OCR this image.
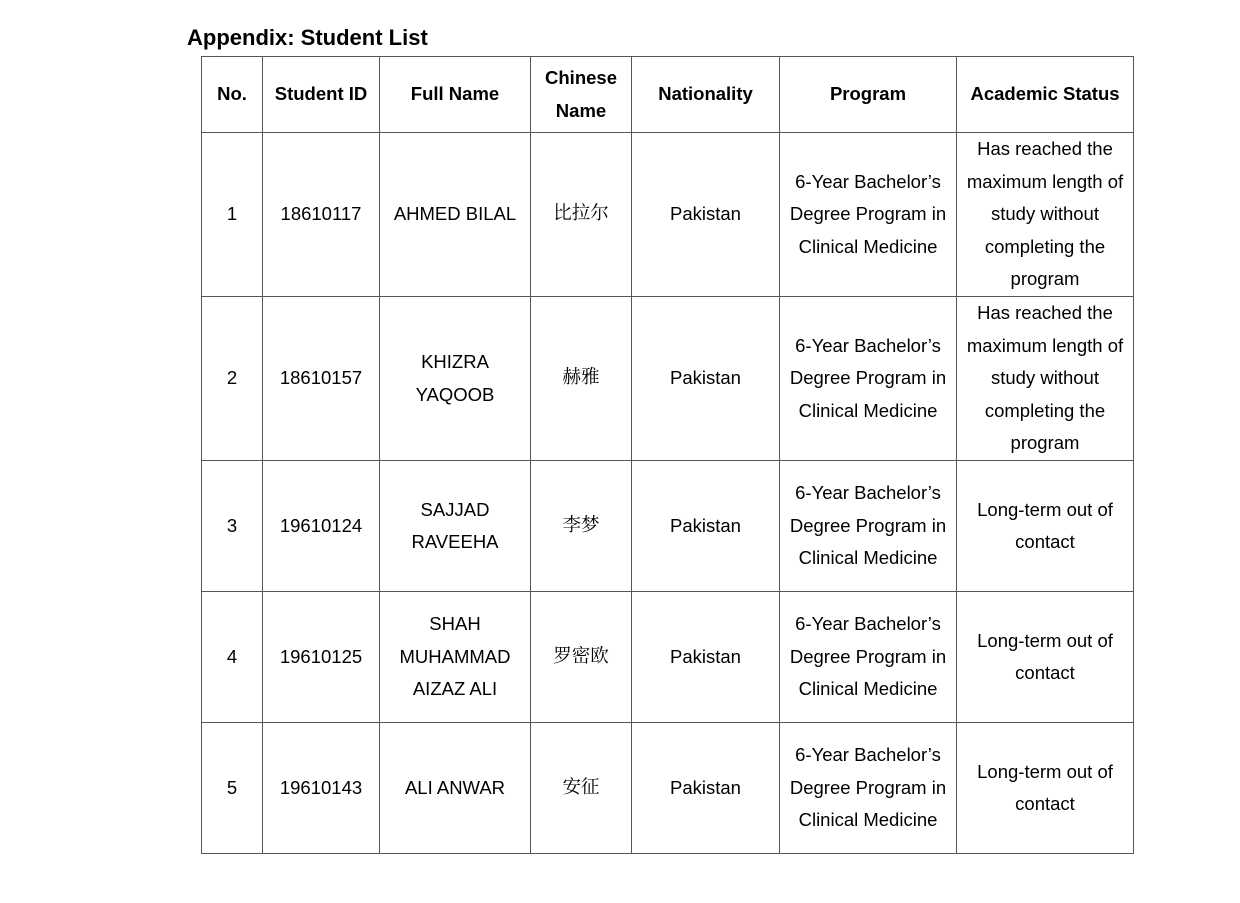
Appendix: Student List
No.	Student ID	Full Name	Chinese Name	Nationality	Program	Academic Status
1	18610117	AHMED BILAL	比拉尔	Pakistan	6-Year Bachelor’s Degree Program in Clinical Medicine	Has reached the maximum length of study without completing the program
2	18610157	KHIZRA YAQOOB	赫雅	Pakistan	6-Year Bachelor’s Degree Program in Clinical Medicine	Has reached the maximum length of study without completing the program
3	19610124	SAJJAD RAVEEHA	李梦	Pakistan	6-Year Bachelor’s Degree Program in Clinical Medicine	Long-term out of contact
4	19610125	SHAH MUHAMMAD AIZAZ ALI	罗密欧	Pakistan	6-Year Bachelor’s Degree Program in Clinical Medicine	Long-term out of contact
5	19610143	ALI ANWAR	安征	Pakistan	6-Year Bachelor’s Degree Program in Clinical Medicine	Long-term out of contact
